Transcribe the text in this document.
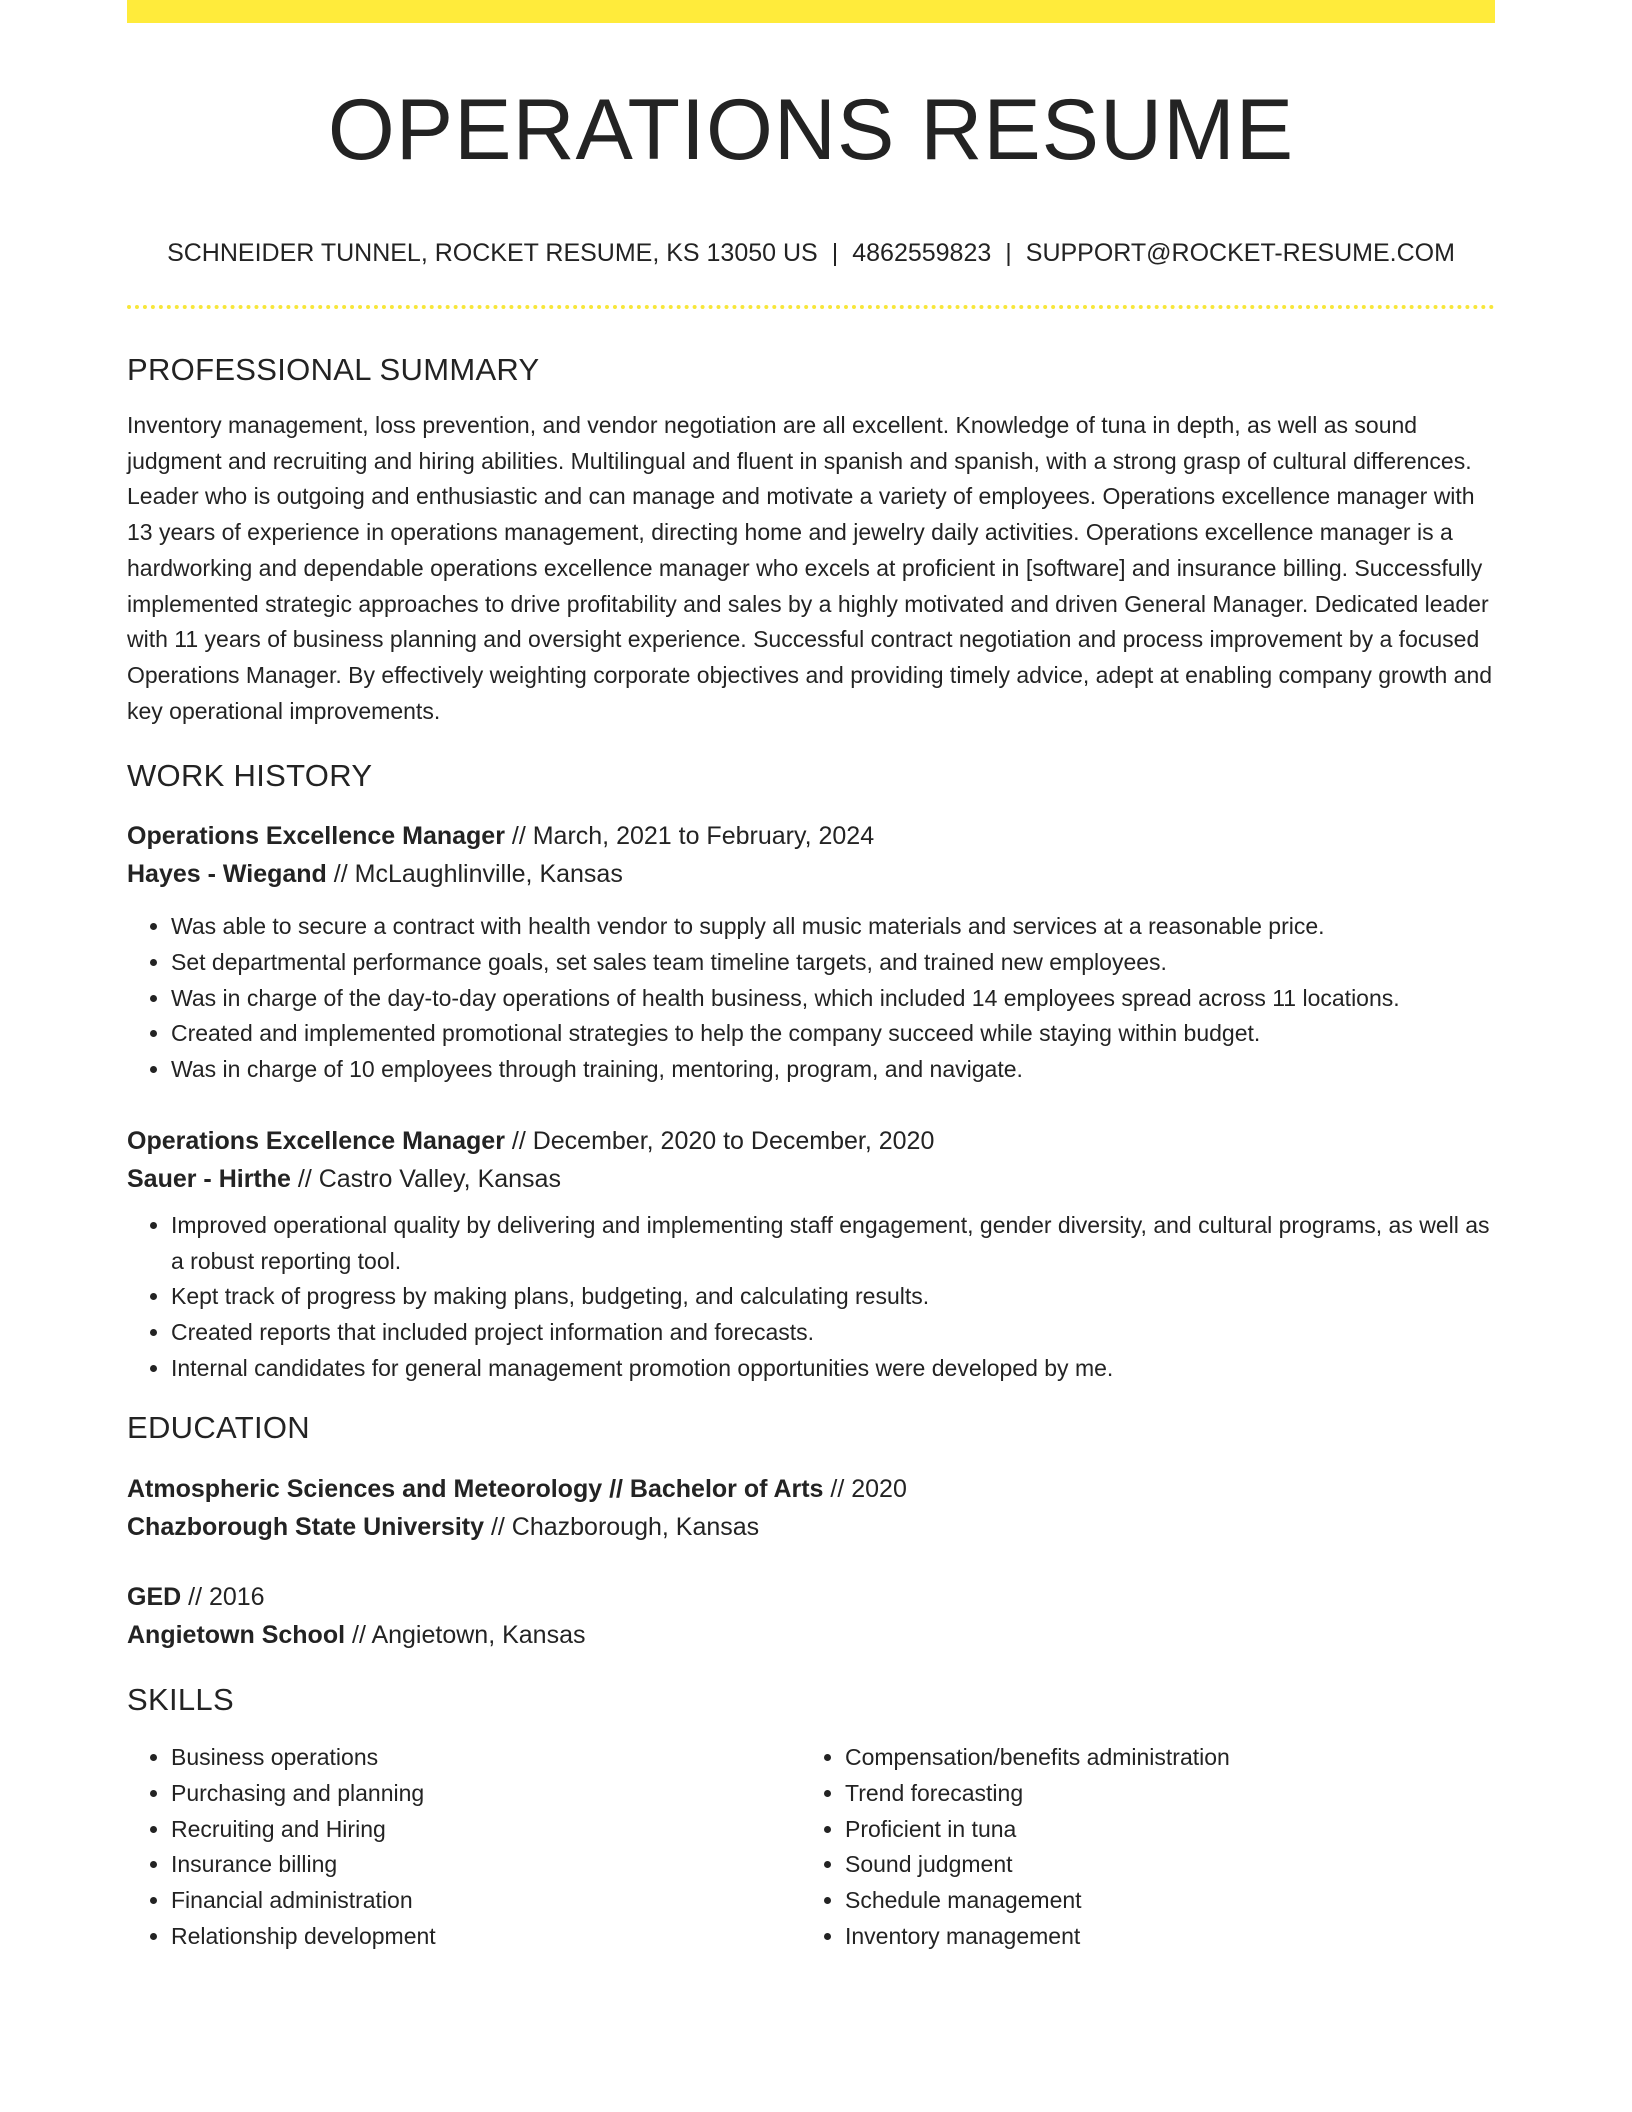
OPERATIONS RESUME
SCHNEIDER TUNNEL, ROCKET RESUME, KS 13050 US | 4862559823 | SUPPORT@ROCKET-RESUME.COM
PROFESSIONAL SUMMARY

Inventory management, loss prevention, and vendor negotiation are all excellent. Knowledge of tuna in depth, as well as sound judgment and recruiting and hiring abilities. Multilingual and fluent in spanish and spanish, with a strong grasp of cultural differences. Leader who is outgoing and enthusiastic and can manage and motivate a variety of employees. Operations excellence manager with 13 years of experience in operations management, directing home and jewelry daily activities. Operations excellence manager is a hardworking and dependable operations excellence manager who excels at proficient in [software] and insurance billing. Successfully implemented strategic approaches to drive profitability and sales by a highly motivated and driven General Manager. Dedicated leader with 11 years of business planning and oversight experience. Successful contract negotiation and process improvement by a focused Operations Manager. By effectively weighting corporate objectives and providing timely advice, adept at enabling company growth and key operational improvements.

WORK HISTORY
Operations Excellence Manager // March, 2021 to February, 2024
Hayes - Wiegand // McLaughlinville, Kansas
• Was able to secure a contract with health vendor to supply all music materials and services at a reasonable price.
• Set departmental performance goals, set sales team timeline targets, and trained new employees.
• Was in charge of the day-to-day operations of health business, which included 14 employees spread across 11 locations.
• Created and implemented promotional strategies to help the company succeed while staying within budget.
• Was in charge of 10 employees through training, mentoring, program, and navigate.
Operations Excellence Manager // December, 2020 to December, 2020
Sauer - Hirthe // Castro Valley, Kansas
• Improved operational quality by delivering and implementing staff engagement, gender diversity, and cultural programs, as well as a robust reporting tool.
• Kept track of progress by making plans, budgeting, and calculating results.
• Created reports that included project information and forecasts.
• Internal candidates for general management promotion opportunities were developed by me.
EDUCATION
Atmospheric Sciences and Meteorology // Bachelor of Arts // 2020
Chazborough State University // Chazborough, Kansas
GED // 2016
Angietown School // Angietown, Kansas
SKILLS
• Business operations
• Purchasing and planning
• Recruiting and Hiring
• Insurance billing
• Financial administration
• Relationship development
• Compensation/benefits administration
• Trend forecasting
• Proficient in tuna
• Sound judgment
• Schedule management
• Inventory management
